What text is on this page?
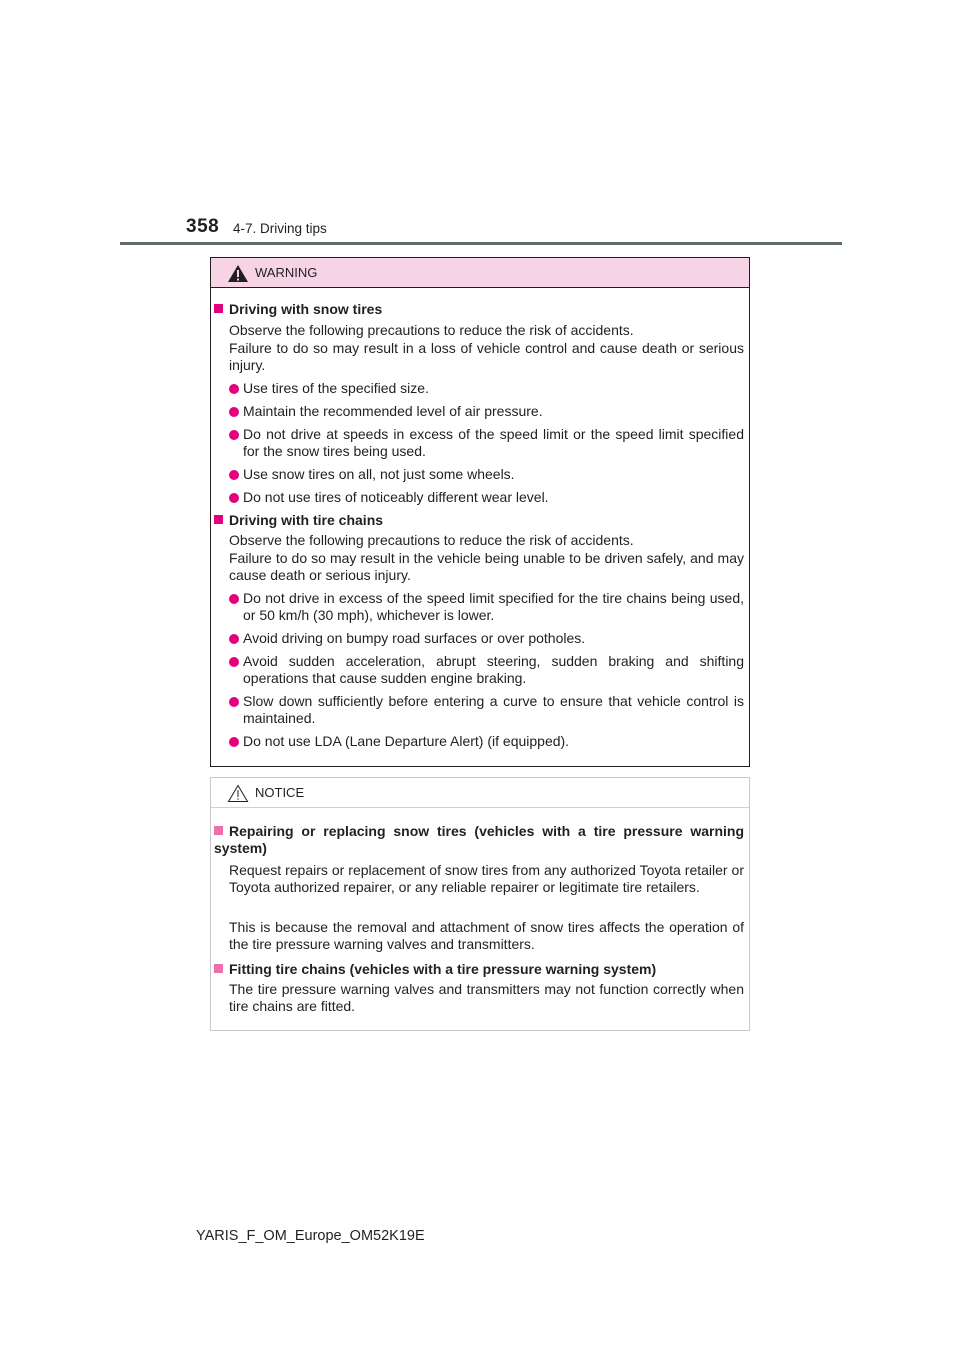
358 4-7. Driving tips
WARNING
Driving with snow tires

Observe the following precautions to reduce the risk of accidents.

Failure to do so may result in a loss of vehicle control and cause death or serious injury.

Use tires of the specified size.
Maintain the recommended level of air pressure.
Do not drive at speeds in excess of the speed limit or the speed limit specified for the snow tires being used.
Use snow tires on all, not just some wheels.
Do not use tires of noticeably different wear level.
Driving with tire chains

Observe the following precautions to reduce the risk of accidents.

Failure to do so may result in the vehicle being unable to be driven safely, and may cause death or serious injury.

Do not drive in excess of the speed limit specified for the tire chains being used, or 50 km/h (30 mph), whichever is lower.
Avoid driving on bumpy road surfaces or over potholes.
Avoid sudden acceleration, abrupt steering, sudden braking and shifting operations that cause sudden engine braking.
Slow down sufficiently before entering a curve to ensure that vehicle control is maintained.
Do not use LDA (Lane Departure Alert) (if equipped).
NOTICE
Repairing or replacing snow tires (vehicles with a tire pressure warning system)

Request repairs or replacement of snow tires from any authorized Toyota retailer or Toyota authorized repairer, or any reliable repairer or legitimate tire retailers.

This is because the removal and attachment of snow tires affects the operation of the tire pressure warning valves and transmitters.

Fitting tire chains (vehicles with a tire pressure warning system)

The tire pressure warning valves and transmitters may not function correctly when tire chains are fitted.

YARIS_F_OM_Europe_OM52K19E
